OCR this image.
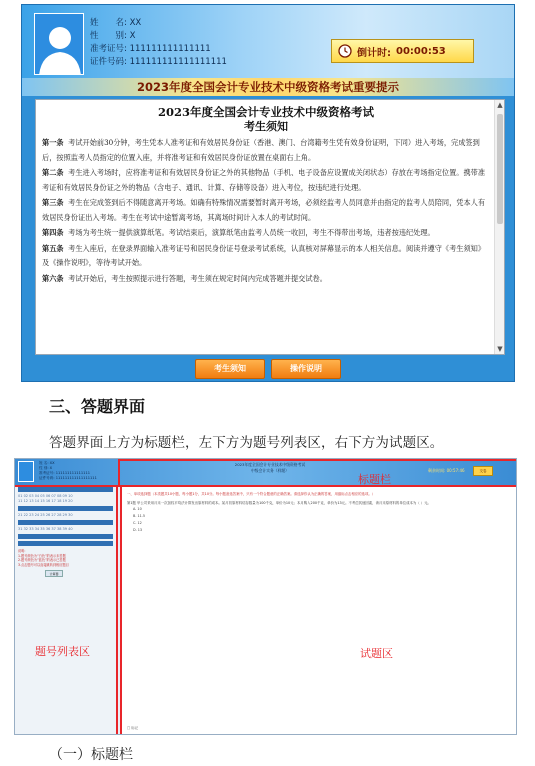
姓　　名: XX
性　　别: X
准考证号: 111111111111111
证件号码: 111111111111111111
倒计时: 00:00:53
2023年度全国会计专业技术中级资格考试重要提示
2023年度全国会计专业技术中级资格考试
考生须知

第一条 考试开始前30分钟，考生凭本人准考证和有效居民身份证（香港、澳门、台湾籍考生凭有效身份证明，下同）进入考场，完成签到后，按照监考人员指定的位置入座，并将准考证和有效居民身份证放置在桌面右上角。

第二条 考生进入考场时，应将准考证和有效居民身份证之外的其他物品（手机、电子设备应设置成关闭状态）存放在考场指定位置。携带准考证和有效居民身份证之外的物品（含电子、通讯、计算、存储等设备）进入考位，按违纪进行处理。

第三条 考生在完成签到后不得随意离开考场。如确有特殊情况需要暂时离开考场，必须经监考人员同意并由指定的监考人员陪同，凭本人有效居民身份证出入考场。考生在考试中途暂离考场，其离场时间计入本人的考试时间。

第四条 考场为考生统一提供演算纸笔。考试结束后，演算纸笔由监考人员统一收回，考生不得带出考场，违者按违纪处理。

第五条 考生入座后，在登录界面输入准考证号和居民身份证号登录考试系统，认真核对屏幕显示的本人相关信息。阅读并遵守《考生须知》及《操作说明》，等待考试开始。

第六条 考试开始后，考生按照提示进行答题，考生须在规定时间内完成答题并提交试卷。

▲
▼
考生须知	操作说明
三、答题界面
答题界面上方为标题栏，左下方为题号列表区，右下方为试题区。
姓 名: XX
性 别: X
准考证号: 111111111111111
证件号码: 111111111111111111
2023年度全国会计专业技术中级资格考试
中级会计实务（样题）	剩余时间: 00:57:46	交卷
01 02 03 04 05 06 07 08 09 10
11 12 13 14 15 16 17 18 19 20
21 22 23 24 25 26 27 28 29 30
31 32 33 34 35 36 37 38 39 40
说明:
1.题号颜色为“白色”的表示未答题
2.题号颜色为“蓝色”的表示已答题
3.点击题号可以直接跳转到相应题目
计算器
一、单项选择题（本类题共10小题，每小题1分，共10分。每小题备选答案中，只有一个符合题意的正确答案。请选择你认为正确的答案，用鼠标点击相应的选项。）
第1题 甲公司采用月末一次加权平均法计算发出原材料的成本。某月初原材料结存数量为100千克，单价为10元；本月购入200千克，单价为13元。不考虑其他因素，该月末原材料的单位成本为（ ）元。
A. 10
B. 11.5
C. 12
D. 13
□ 标记
标题栏
题号列表区	试题区
（一）标题栏
